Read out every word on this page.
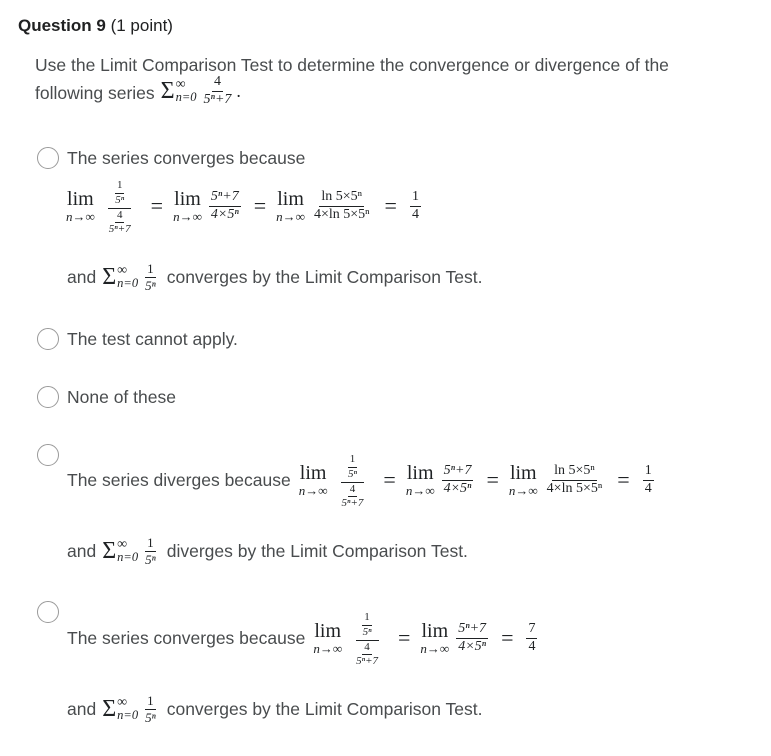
Question 9 (1 point)
Use the Limit Comparison Test to determine the convergence or divergence of the
following series Σ ∞
$n=0 \frac{4}{\text{5ⁿ+7}}$ .
The series converges because
lim
$n\to\infty \frac{\frac{1}{\text{5ⁿ}}}{\frac{4}{\text{5ⁿ+7}}} = \lim$
$n\to\infty \frac{\text{5ⁿ+7}}{\text{4×5ⁿ}} = \lim$
$n\to\infty \frac{\text{ln 5×5ⁿ}}{\text{4×ln 5×5ⁿ}} = \frac{1}{4}$
and Σ ∞
$n=0 \frac{1}{\text{5ⁿ}}$ converges by the Limit Comparison Test.
The test cannot apply.
None of these
The series diverges because lim
$n\to\infty \frac{\frac{1}{\text{5ⁿ}}}{\frac{4}{\text{5ⁿ+7}}} = \lim$
$n\to\infty \frac{\text{5ⁿ+7}}{\text{4×5ⁿ}} = \lim$
$n\to\infty \frac{\text{ln 5×5ⁿ}}{\text{4×ln 5×5ⁿ}} = \frac{1}{4}$
and Σ ∞
$n=0 \frac{1}{\text{5ⁿ}}$ diverges by the Limit Comparison Test.
The series converges because lim
$n\to\infty \frac{\frac{1}{\text{5ⁿ}}}{\frac{4}{\text{5ⁿ+7}}} = \lim$
$n\to\infty \frac{\text{5ⁿ+7}}{\text{4×5ⁿ}} = \frac{7}{4}$
and Σ ∞
$n=0 \frac{1}{\text{5ⁿ}}$ converges by the Limit Comparison Test.
